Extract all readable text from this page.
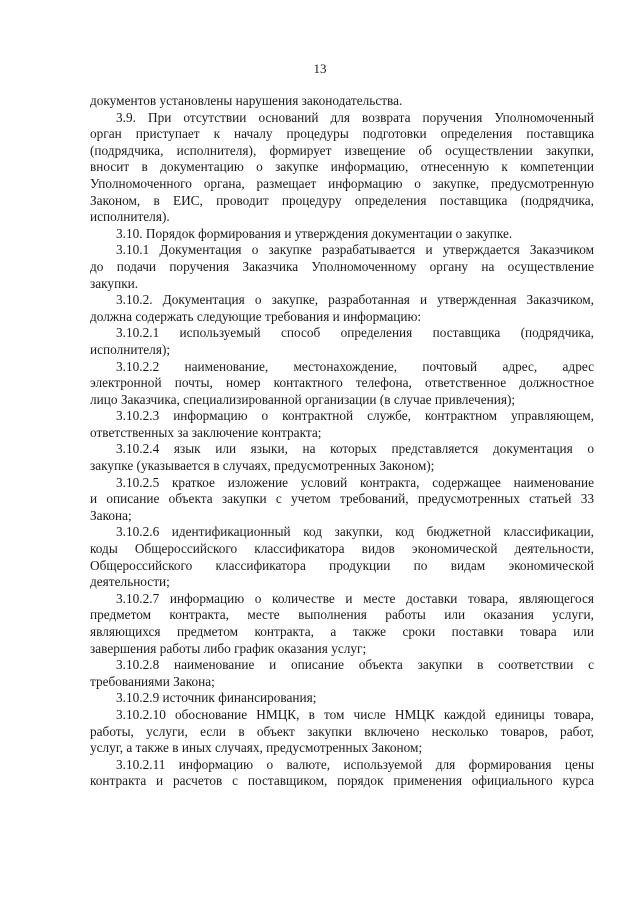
13
документов установлены нарушения законодательства.
3.9. При отсутствии оснований для возврата поручения Уполномоченный
орган приступает к началу процедуры подготовки определения поставщика
(подрядчика, исполнителя), формирует извещение об осуществлении закупки,
вносит в документацию о закупке информацию, отнесенную к компетенции
Уполномоченного органа, размещает информацию о закупке, предусмотренную
Законом, в ЕИС, проводит процедуру определения поставщика (подрядчика,
исполнителя).
3.10. Порядок формирования и утверждения документации о закупке.
3.10.1 Документация о закупке разрабатывается и утверждается Заказчиком
до подачи поручения Заказчика Уполномоченному органу на осуществление
закупки.
3.10.2. Документация о закупке, разработанная и утвержденная Заказчиком,
должна содержать следующие требования и информацию:
3.10.2.1 используемый способ определения поставщика (подрядчика,
исполнителя);
3.10.2.2 наименование, местонахождение, почтовый адрес, адрес
электронной почты, номер контактного телефона, ответственное должностное
лицо Заказчика, специализированной организации (в случае привлечения);
3.10.2.3 информацию о контрактной службе, контрактном управляющем,
ответственных за заключение контракта;
3.10.2.4 язык или языки, на которых представляется документация о
закупке (указывается в случаях, предусмотренных Законом);
3.10.2.5 краткое изложение условий контракта, содержащее наименование
и описание объекта закупки с учетом требований, предусмотренных статьей 33
Закона;
3.10.2.6 идентификационный код закупки, код бюджетной классификации,
коды Общероссийского классификатора видов экономической деятельности,
Общероссийского классификатора продукции по видам экономической
деятельности;
3.10.2.7 информацию о количестве и месте доставки товара, являющегося
предметом контракта, месте выполнения работы или оказания услуги,
являющихся предметом контракта, а также сроки поставки товара или
завершения работы либо график оказания услуг;
3.10.2.8 наименование и описание объекта закупки в соответствии с
требованиями Закона;
3.10.2.9 источник финансирования;
3.10.2.10 обоснование НМЦК, в том числе НМЦК каждой единицы товара,
работы, услуги, если в объект закупки включено несколько товаров, работ,
услуг, а также в иных случаях, предусмотренных Законом;
3.10.2.11 информацию о валюте, используемой для формирования цены
контракта и расчетов с поставщиком, порядок применения официального курса
